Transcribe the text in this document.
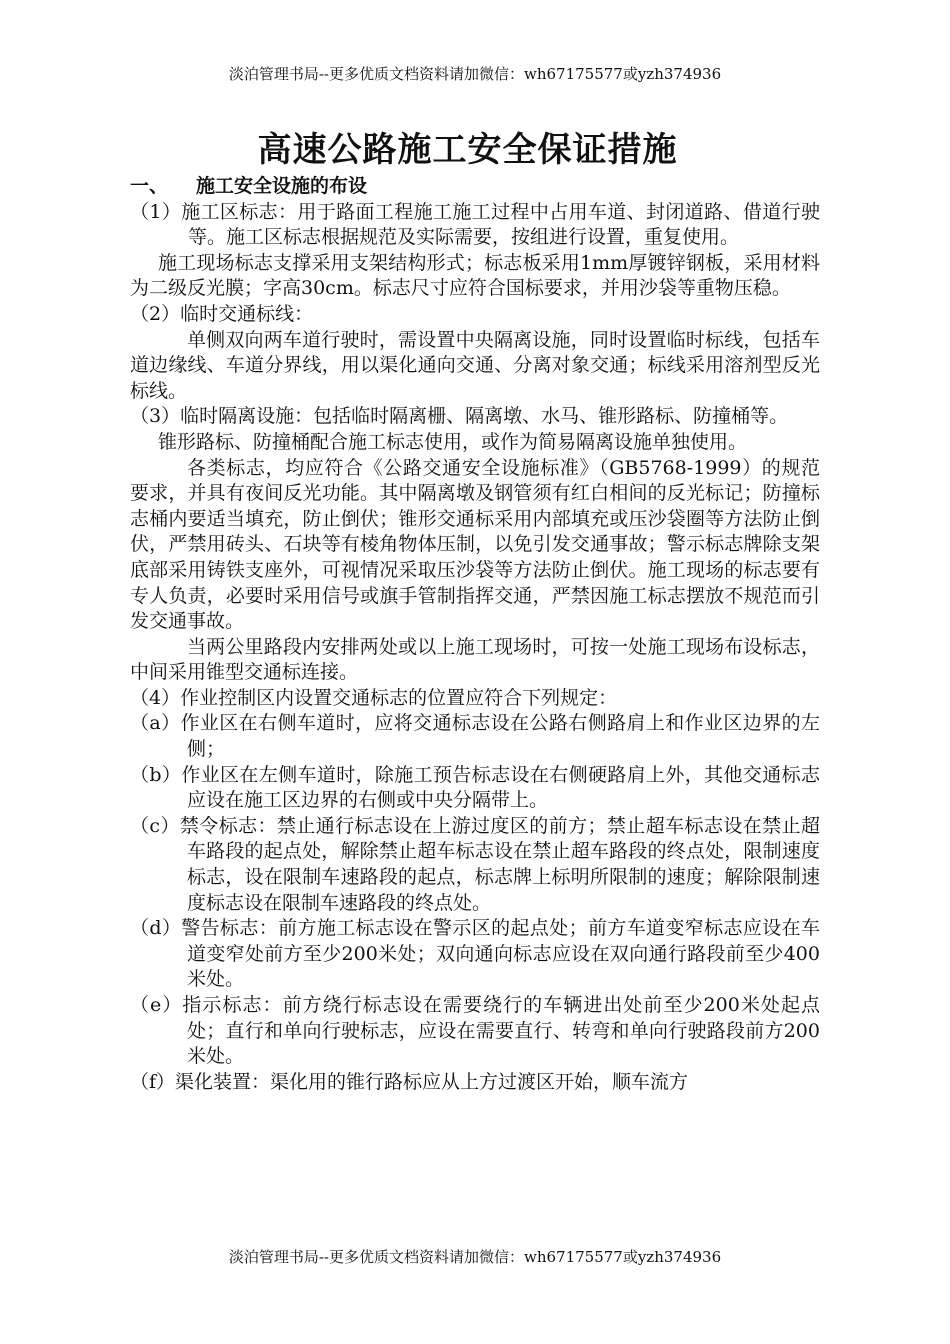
淡泊管理书局--更多优质文档资料请加微信：wh67175577或yzh374936
高速公路施工安全保证措施
一、 施工安全设施的布设

（1）施工区标志：用于路面工程施工施工过程中占用车道、封闭道路、借道行驶等。施工区标志根据规范及实际需要，按组进行设置，重复使用。

施工现场标志支撑采用支架结构形式；标志板采用1mm厚镀锌钢板，采用材料为二级反光膜；字高30cm。标志尺寸应符合国标要求，并用沙袋等重物压稳。

（2）临时交通标线：

单侧双向两车道行驶时，需设置中央隔离设施，同时设置临时标线，包括车道边缘线、车道分界线，用以渠化通向交通、分离对象交通；标线采用溶剂型反光标线。

（3）临时隔离设施：包括临时隔离栅、隔离墩、水马、锥形路标、防撞桶等。

锥形路标、防撞桶配合施工标志使用，或作为简易隔离设施单独使用。

各类标志，均应符合《公路交通安全设施标准》（GB5768-1999）的规范要求，并具有夜间反光功能。其中隔离墩及钢管须有红白相间的反光标记；防撞标志桶内要适当填充，防止倒伏；锥形交通标采用内部填充或压沙袋圈等方法防止倒伏，严禁用砖头、石块等有棱角物体压制，以免引发交通事故；警示标志牌除支架底部采用铸铁支座外，可视情况采取压沙袋等方法防止倒伏。施工现场的标志要有专人负责，必要时采用信号或旗手管制指挥交通，严禁因施工标志摆放不规范而引发交通事故。

当两公里路段内安排两处或以上施工现场时，可按一处施工现场布设标志，中间采用锥型交通标连接。

（4）作业控制区内设置交通标志的位置应符合下列规定：

（a）作业区在右侧车道时，应将交通标志设在公路右侧路肩上和作业区边界的左侧；

（b）作业区在左侧车道时，除施工预告标志设在右侧硬路肩上外，其他交通标志应设在施工区边界的右侧或中央分隔带上。

（c）禁令标志：禁止通行标志设在上游过度区的前方；禁止超车标志设在禁止超车路段的起点处，解除禁止超车标志设在禁止超车路段的终点处，限制速度标志，设在限制车速路段的起点，标志牌上标明所限制的速度；解除限制速度标志设在限制车速路段的终点处。

（d）警告标志：前方施工标志设在警示区的起点处；前方车道变窄标志应设在车道变窄处前方至少200米处；双向通向标志应设在双向通行路段前至少400米处。

（e）指示标志：前方绕行标志设在需要绕行的车辆进出处前至少200米处起点处；直行和单向行驶标志，应设在需要直行、转弯和单向行驶路段前方200米处。

（f）渠化装置：渠化用的锥行路标应从上方过渡区开始，顺车流方

淡泊管理书局--更多优质文档资料请加微信：wh67175577或yzh374936
